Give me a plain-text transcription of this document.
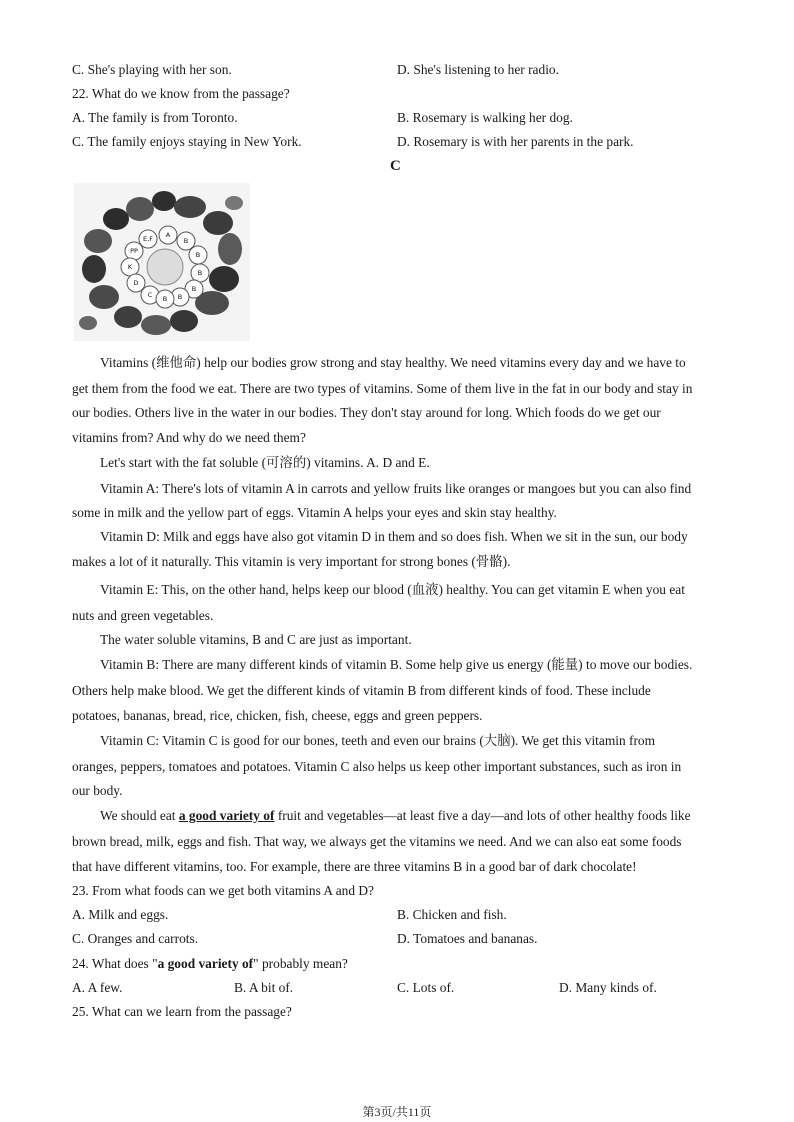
C. She's playing with her son.	D. She's listening to her radio.
22. What do we know from the passage?
A. The family is from Toronto.	B. Rosemary is walking her dog.
C. The family enjoys staying in New York.	D. Rosemary is with her parents in the park.
C
E,F A
B
PP	B
K
B
D
B
C	B
B
Vitamins (维他命) help our bodies grow strong and stay healthy. We need vitamins every day and we have to
get them from the food we eat. There are two types of vitamins. Some of them live in the fat in our body and stay in
our bodies. Others live in the water in our bodies. They don't stay around for long. Which foods do we get our
vitamins from? And why do we need them?
Let's start with the fat soluble (可溶的) vitamins. A. D and E.
Vitamin A: There's lots of vitamin A in carrots and yellow fruits like oranges or mangoes but you can also find
some in milk and the yellow part of eggs. Vitamin A helps your eyes and skin stay healthy.
Vitamin D: Milk and eggs have also got vitamin D in them and so does fish. When we sit in the sun, our body
makes a lot of it naturally. This vitamin is very important for strong bones (骨骼).
Vitamin E: This, on the other hand, helps keep our blood (血液) healthy. You can get vitamin E when you eat
nuts and green vegetables.
The water soluble vitamins, B and C are just as important.
Vitamin B: There are many different kinds of vitamin B. Some help give us energy (能量) to move our bodies.
Others help make blood. We get the different kinds of vitamin B from different kinds of food. These include
potatoes, bananas, bread, rice, chicken, fish, cheese, eggs and green peppers.
Vitamin C: Vitamin C is good for our bones, teeth and even our brains (大脑). We get this vitamin from
oranges, peppers, tomatoes and potatoes. Vitamin C also helps us keep other important substances, such as iron in
our body.
We should eat a good variety of fruit and vegetables—at least five a day—and lots of other healthy foods like
brown bread, milk, eggs and fish. That way, we always get the vitamins we need. And we can also eat some foods
that have different vitamins, too. For example, there are three vitamins B in a good bar of dark chocolate!
23. From what foods can we get both vitamins A and D?
A. Milk and eggs.	B. Chicken and fish.
C. Oranges and carrots.	D. Tomatoes and bananas.
24. What does "a good variety of" probably mean?
A. A few.	B. A bit of.	C. Lots of.	D. Many kinds of.
25. What can we learn from the passage?
第3页/共11页
